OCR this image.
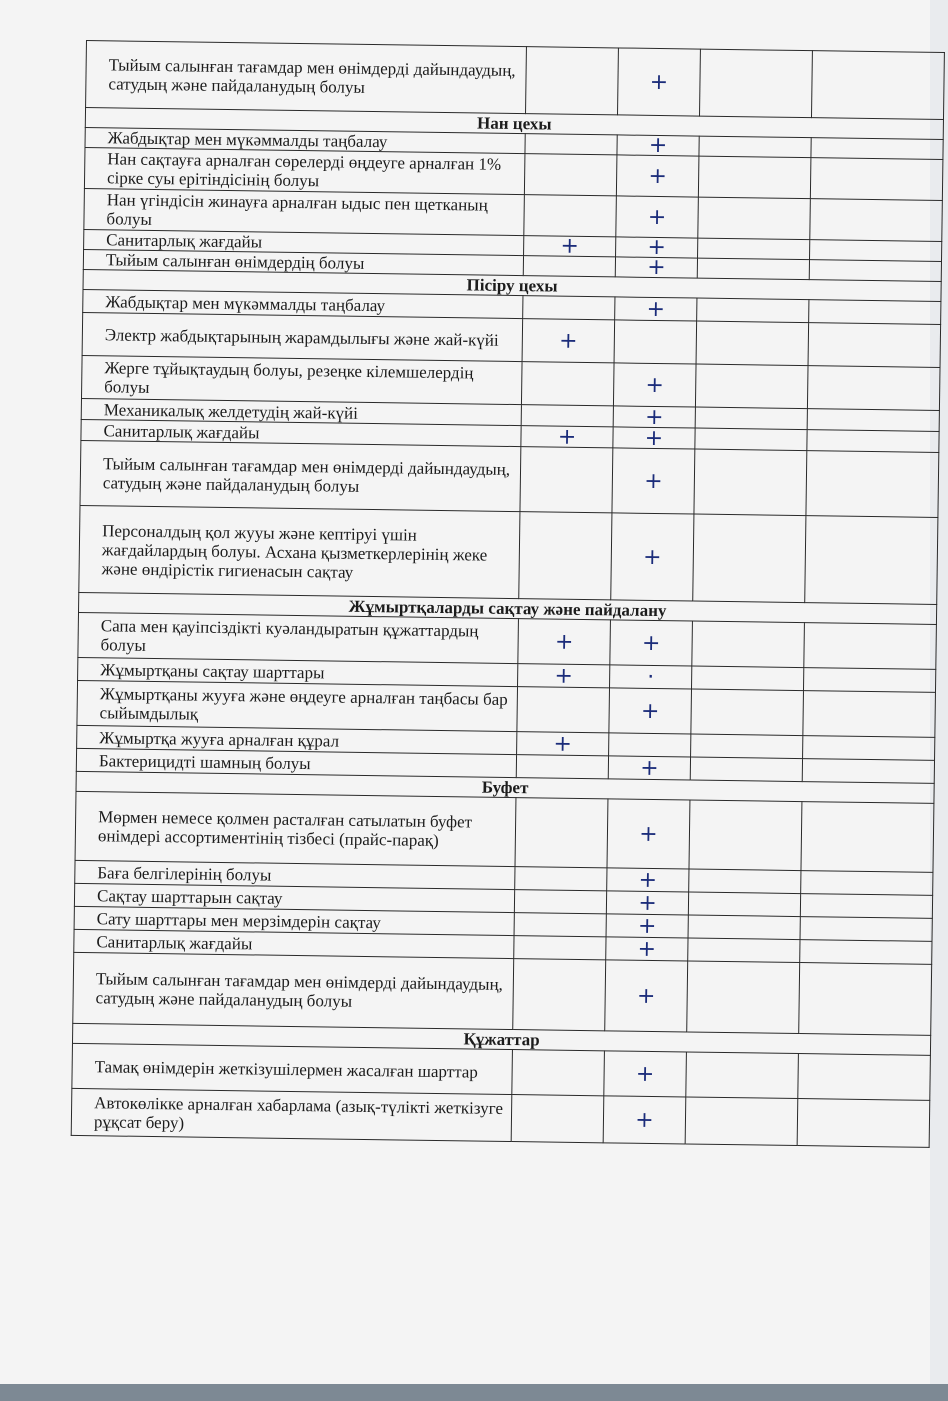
Тыйым салынған тағамдар мен өнімдерді дайындаудың, сатудың және пайдаланудың болуы		+		
Нан цехы				
Жабдықтар мен мүкәммалды таңбалау		+		
Нан сақтауға арналған сөрелерді өңдеуге арналған 1% сірке суы ерітіндісінің болуы		+		
Нан үгіндісін жинауға арналған ыдыс пен щетканың болуы		+		
Санитарлық жағдайы	+	+		
Тыйым салынған өнімдердің болуы		+		
Пісіру цехы				
Жабдықтар мен мүкәммалды таңбалау		+		
Электр жабдықтарының жарамдылығы және жай-күйі	+			
Жерге тұйықтаудың болуы, резеңке кілемшелердің болуы		+		
Механикалық желдетудің жай-күйі		+		
Санитарлық жағдайы	+	+		
Тыйым салынған тағамдар мен өнімдерді дайындаудың, сатудың және пайдаланудың болуы		+		
Персоналдың қол жууы және кептіруі үшін жағдайлардың болуы. Асхана қызметкерлерінің жеке және өндірістік гигиенасын сақтау		+		
Жұмыртқаларды сақтау және пайдалану				
Сапа мен қауіпсіздікті куәландыратын құжаттардың болуы	+	+		
Жұмыртқаны сақтау шарттары	+	·		
Жұмыртқаны жууға және өңдеуге арналған таңбасы бар сыйымдылық		+		
Жұмыртқа жууға арналған құрал	+			
Бактерицидті шамның болуы		+		
Буфет				
Мөрмен немесе қолмен расталған сатылатын буфет өнімдері ассортиментінің тізбесі (прайс-парақ)		+		
Баға белгілерінің болуы		+		
Сақтау шарттарын сақтау		+		
Сату шарттары мен мерзімдерін сақтау		+		
Санитарлық жағдайы		+		
Тыйым салынған тағамдар мен өнімдерді дайындаудың, сатудың және пайдаланудың болуы		+		
Құжаттар				
Тамақ өнімдерін жеткізушілермен жасалған шарттар		+		
Автокөлікке арналған хабарлама (азық-түлікті жеткізуге рұқсат беру)		+		
